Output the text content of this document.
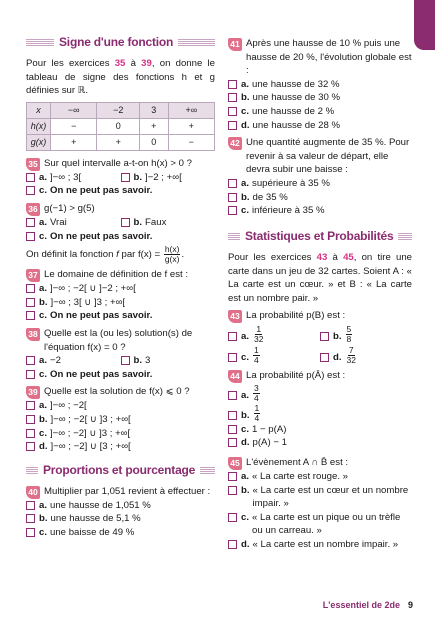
Signe d'une fonction
Pour les exercices 35 à 39, on donne le tableau de signe des fonctions h et g définies sur ℝ.
x	−∞	−2	3	+∞
h(x)	−	0	+	+
g(x)	+	+	0	−
35 Sur quel intervalle a-t-on h(x) > 0 ?
a. ]−∞ ; 3[	b. ]−2 ; +∞[
c. On ne peut pas savoir.
36 g(−1) > g(5)
a. Vrai	b. Faux
c. On ne peut pas savoir.
On définit la fonction f par $f(x) = \frac{h(x)}{g(x)}$ .
37 Le domaine de définition de f est :
a. ]−∞ ; −2[ ∪ ]−2 ; +∞[
b. ]−∞ ; 3[ ∪ ]3 ; +∞[
c. On ne peut pas savoir.
38 Quelle est la (ou les) solution(s) de l'équation f(x) = 0 ?
a. −2	b. 3
c. On ne peut pas savoir.
39 Quelle est la solution de f(x) ⩽ 0 ?
a. ]−∞ ; −2[
b. ]−∞ ; −2[ ∪ ]3 ; +∞[
c. ]−∞ ; −2] ∪ ]3 ; +∞[
d. ]−∞ ; −2] ∪ [3 ; +∞[
Proportions et pourcentage
40 Multiplier par 1,051 revient à effectuer :
a. une hausse de 1,051 %
b. une hausse de 5,1 %
c. une baisse de 49 %
41 Après une hausse de 10 % puis une hausse de 20 %, l'évolution globale est :
a. une hausse de 32 %
b. une hausse de 30 %
c. une hausse de 2 %
d. une hausse de 28 %
42 Une quantité augmente de 35 %. Pour revenir à sa valeur de départ, elle devra subir une baisse :
a. supérieure à 35 %
b. de 35 %
c. inférieure à 35 %
Statistiques et Probabilités
Pour les exercices 43 à 45, on tire une carte dans un jeu de 32 cartes. Soient A : « La carte est un cœur. » et B : « La carte est un nombre pair. »
43 La probabilité p(B) est :
a. $\frac{1}{32}$	b. $\frac{5}{8}$
c. $\frac{1}{4}$	d. $\frac{7}{32}$
44 La probabilité p(Ā) est :
a. $\frac{3}{4}$
b. $\frac{1}{4}$
c. 1 − p(A)
d. p(A) − 1
45 L'évènement A ∩ B̄ est :
a. « La carte est rouge. »
b. « La carte est un cœur et un nombre impair. »
c. « La carte est un pique ou un trèfle ou un carreau. »
d. « La carte est un nombre impair. »
L'essentiel de 2de 9
